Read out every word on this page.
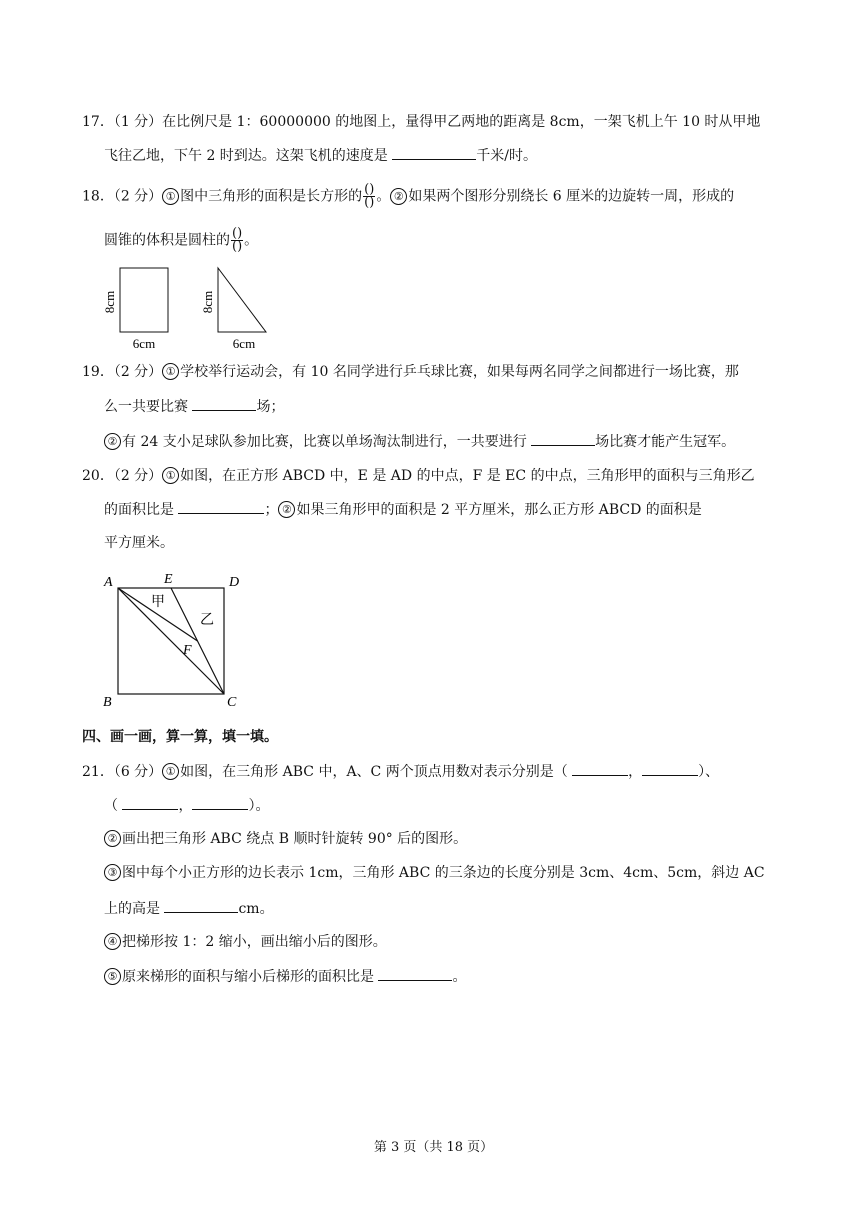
17．（1 分）在比例尺是 1：60000000 的地图上，量得甲乙两地的距离是 8cm，一架飞机上午 10 时从甲地
飞往乙地，下午 2 时到达。这架飞机的速度是	千米/时。
18．（2 分） ① 图中三角形的面积是长方形的 $\frac{()}{()}$ 。 ② 如果两个图形分别绕长 6 厘米的边旋转一周，形成的
圆锥的体积是圆柱的 $\frac{()}{()}$ 。
8cm
6cm
8cm
6cm
19．（2 分） ① 学校举行运动会，有 10 名同学进行乒乓球比赛，如果每两名同学之间都进行一场比赛，那
么一共要比赛	场；
② 有 24 支小足球队参加比赛，比赛以单场淘汰制进行，一共要进行	场比赛才能产生冠军。
20．（2 分） ① 如图，在正方形 ABCD 中，E 是 AD 的中点，F 是 EC 的中点，三角形甲的面积与三角形乙
的面积比是	； ② 如果三角形甲的面积是 2 平方厘米，那么正方形 ABCD 的面积是
平方厘米。
A	E	D
B	C
F
甲
乙
四、画一画，算一算，填一填。
21．（6 分） ① 如图，在三角形 ABC 中，A、C 两个顶点用数对表示分别是（	，	）、
（	，	）。
② 画出把三角形 ABC 绕点 B 顺时针旋转 90° 后的图形。
③ 图中每个小正方形的边长表示 1cm，三角形 ABC 的三条边的长度分别是 3cm、4cm、5cm，斜边 AC
上的高是	cm。
④ 把梯形按 1：2 缩小，画出缩小后的图形。
⑤ 原来梯形的面积与缩小后梯形的面积比是	。
第 3 页（共 18 页）
